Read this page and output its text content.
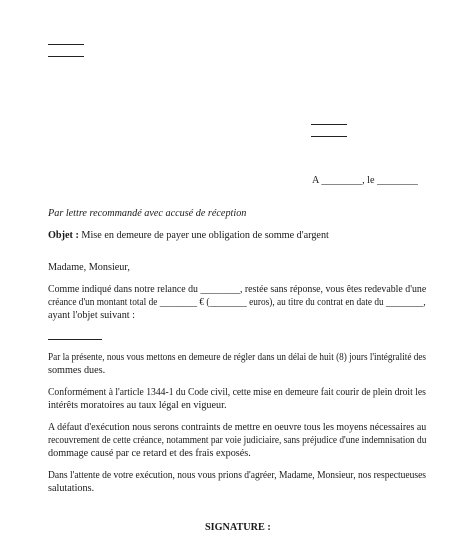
A ________, le ________
Par lettre recommandé avec accusé de réception
Objet : Mise en demeure de payer une obligation de somme d'argent
Madame, Monsieur,
Comme indiqué dans notre relance du ________, restée sans réponse, vous êtes redevable d'une
créance d'un montant total de ________ € (________ euros), au titre du contrat en date du ________,
ayant l'objet suivant :
Par la présente, nous vous mettons en demeure de régler dans un délai de huit (8) jours l'intégralité des
sommes dues.
Conformément à l'article 1344-1 du Code civil, cette mise en demeure fait courir de plein droit les
intérêts moratoires au taux légal en vigueur.
A défaut d'exécution nous serons contraints de mettre en oeuvre tous les moyens nécessaires au
recouvrement de cette créance, notamment par voie judiciaire, sans préjudice d'une indemnisation du
dommage causé par ce retard et des frais exposés.
Dans l'attente de votre exécution, nous vous prions d'agréer, Madame, Monsieur, nos respectueuses
salutations.
SIGNATURE :
